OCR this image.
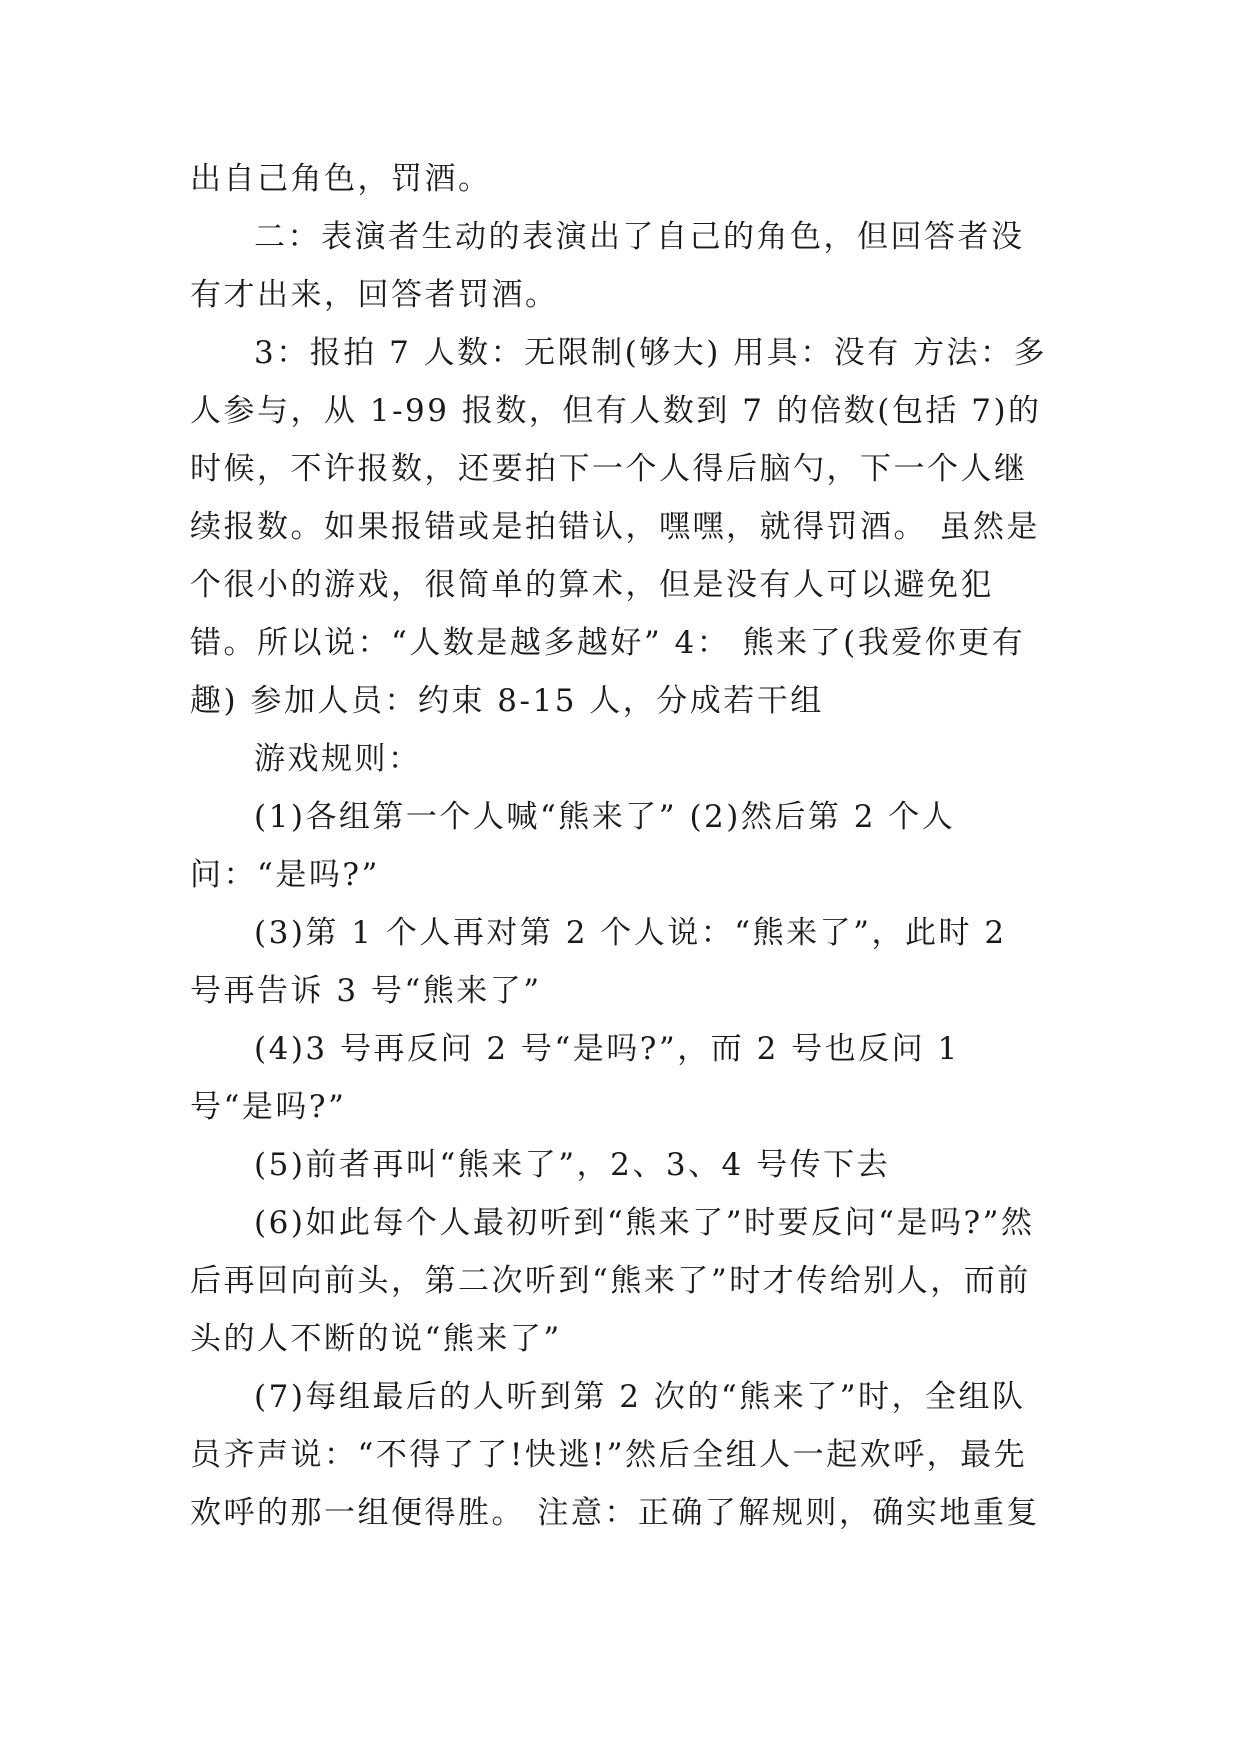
出自己角色，罚酒。

二：表演者生动的表演出了自己的角色，但回答者没有才出来，回答者罚酒。

3：报拍 7 人数：无限制(够大) 用具：没有 方法：多人参与，从 1-99 报数，但有人数到 7 的倍数(包括 7)的时候，不许报数，还要拍下一个人得后脑勺，下一个人继续报数。如果报错或是拍错认，嘿嘿，就得罚酒。 虽然是个很小的游戏，很简单的算术，但是没有人可以避免犯错。所以说：“人数是越多越好” 4： 熊来了(我爱你更有趣) 参加人员：约束 8-15 人，分成若干组

游戏规则：

(1)各组第一个人喊“熊来了” (2)然后第 2 个人问：“是吗?”

(3)第 1 个人再对第 2 个人说：“熊来了”，此时 2 号再告诉 3 号“熊来了”

(4)3 号再反问 2 号“是吗?”，而 2 号也反问 1 号“是吗?”

(5)前者再叫“熊来了”，2、3、4 号传下去

(6)如此每个人最初听到“熊来了”时要反问“是吗?”然后再回向前头，第二次听到“熊来了”时才传给别人，而前头的人不断的说“熊来了”

(7)每组最后的人听到第 2 次的“熊来了”时，全组队员齐声说：“不得了了!快逃!”然后全组人一起欢呼，最先欢呼的那一组便得胜。 注意：正确了解规则，确实地重复
